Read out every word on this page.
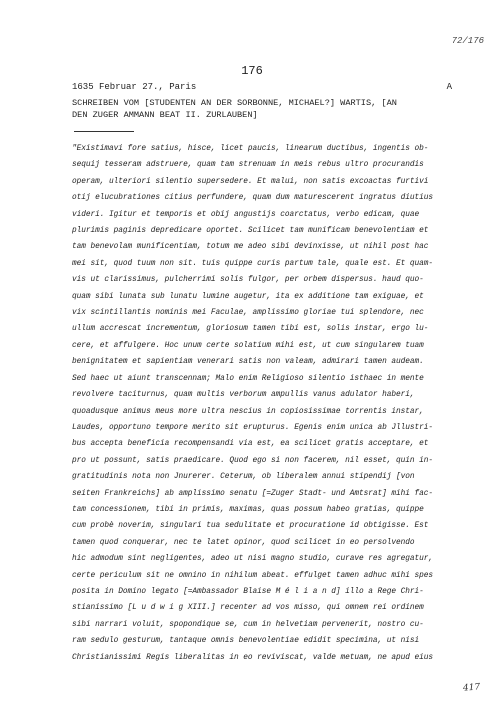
72/176
176
1635 Februar 27., Paris	A
SCHREIBEN VOM [STUDENTEN AN DER SORBONNE, MICHAEL?] WARTIS, [AN
DEN ZUGER AMMANN BEAT II. ZURLAUBEN]
"Existimavi fore satius, hisce, licet paucis, linearum ductibus, ingentis ob-
sequij tesseram adstruere, quam tam strenuam in meis rebus ultro procurandis
operam, ulteriori silentio supersedere. Et malui, non satis excoactas furtivi
otij elucubrationes citius perfundere, quam dum maturescerent ingratus diutius
videri. Igitur et temporis et obij angustijs coarctatus, verbo edicam, quae
plurimis paginis depredicare oportet. Scilicet tam munificam benevolentiam et
tam benevolam munificentiam, totum me adeo sibi devinxisse, ut nihil post hac
mei sit, quod tuum non sit. tuis quippe curis partum tale, quale est. Et quam-
vis ut clarissimus, pulcherrimi solis fulgor, per orbem dispersus. haud quo-
quam sibi lunata sub lunatu lumine augetur, ita ex additione tam exiguae, et
vix scintillantis nominis mei Faculae, amplissimo gloriae tui splendore, nec
ullum accrescat incrementum, gloriosum tamen tibi est, solis instar, ergo lu-
cere, et affulgere. Hoc unum certe solatium mihi est, ut cum singularem tuam
benignitatem et sapientiam venerari satis non valeam, admirari tamen audeam.
Sed haec ut aiunt transcennam; Malo enim Religioso silentio isthaec in mente
revolvere taciturnus, quam multis verborum ampullis vanus adulator haberi,
quoadusque animus meus more ultra nescius in copiosissimae torrentis instar,
Laudes, opportuno tempore merito sit erupturus. Egenis enim unica ab Jllustri-
bus accepta beneficia recompensandi via est, ea scilicet gratis acceptare, et
pro ut possunt, satis praedicare. Quod ego si non facerem, nil esset, quin in-
gratitudinis nota non Jnurerer. Ceterum, ob liberalem annui stipendij [von
seiten Frankreichs] ab amplissimo senatu [=Zuger Stadt- und Amtsrat] mihi fac-
tam concessionem, tibi in primis, maximas, quas possum habeo gratias, quippe
cum probè noverim, singulari tua sedulitate et procuratione id obtigisse. Est
tamen quod conquerar, nec te latet opinor, quod scilicet in eo persolvendo
hic admodum sint negligentes, adeo ut nisi magno studio, curave res agregatur,
certe periculum sit ne omnino in nihilum abeat. effulget tamen adhuc mihi spes
posita in Domino legato [=Ambassador Blaise M é l i a n d] illo a Rege Chri-
stianissimo [L u d w i g XIII.] recenter ad vos misso, qui omnem rei ordinem
sibi narrari voluit, spopondique se, cum in helvetiam pervenerit, nostro cu-
ram sedulo gesturum, tantaque omnis benevolentiae edidit specimina, ut nisi
Christianissimi Regis liberalitas in eo reviviscat, valde metuam, ne apud eius
417
